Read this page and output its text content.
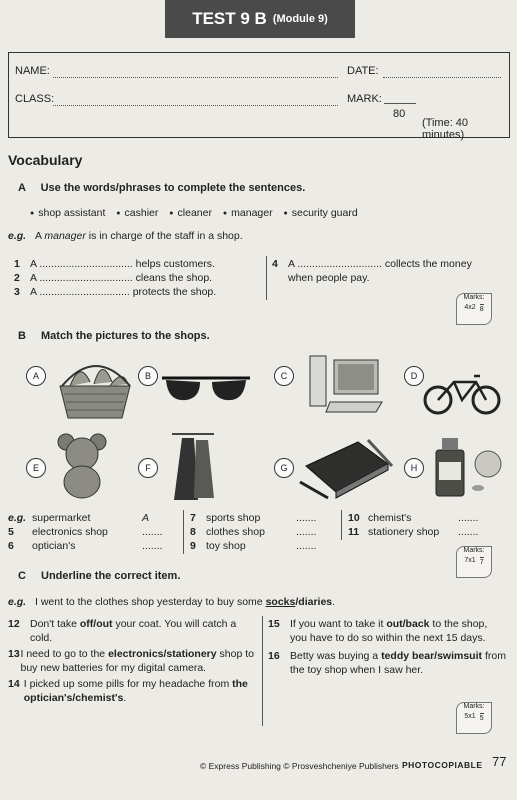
TEST 9 B (Module 9)
NAME:	DATE:
CLASS:	MARK:
80
(Time: 40 minutes)
Vocabulary
A Use the words/phrases to complete the sentences.
● shop assistant ● cashier ● cleaner ● manager ● security guard
e.g. A manager is in charge of the staff in a shop.
1 A ................................ helps customers.
2 A ................................ cleans the shop.
3 A ............................... protects the shop.
4 A ............................. collects the money
when people pay.
Marks:
4x2 8
B Match the pictures to the shops.
A	B	C	D
E	F	G	H
e.g. supermarket	A
5	electronics shop	.......
6	optician's	.......
7 sports shop	.......
8 clothes shop	.......
9 toy shop	.......
10 chemist's	.......
11 stationery shop	.......
Marks:
7x1 7
C Underline the correct item.
e.g. I went to the clothes shop yesterday to buy some socks/diaries.
12 Don't take off/out your coat. You will catch a
cold.
13 I need to go to the electronics/stationery shop to buy new batteries for my digital camera.
14 I picked up some pills for my headache from the optician's/chemist's.
15 If you want to take it out/back to the shop,
you have to do so within the next 15 days.
16 Betty was buying a teddy bear/swimsuit from
the toy shop when I saw her.
Marks:
5x1 5
© Express Publishing © Prosveshcheniye Publishers PHOTOCOPIABLE 77
